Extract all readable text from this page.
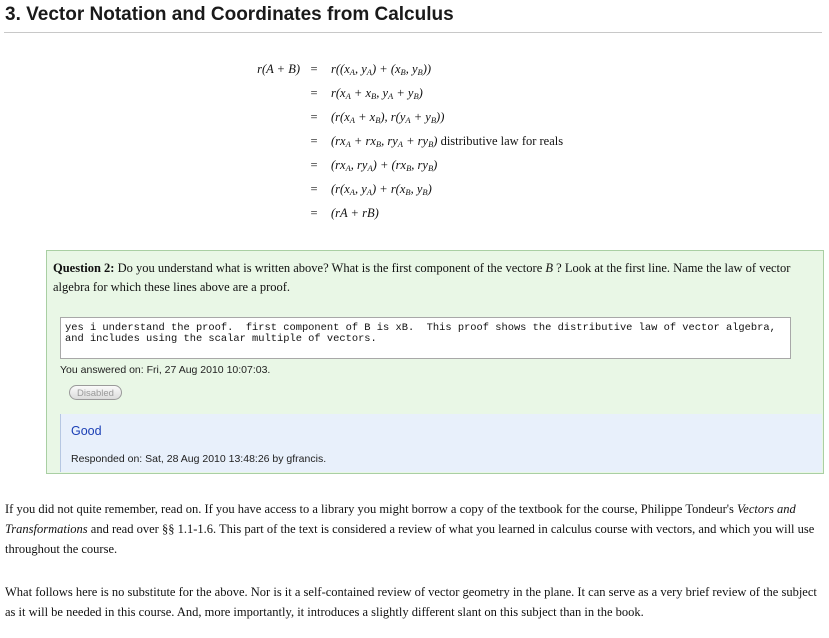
3. Vector Notation and Coordinates from Calculus
$r(A + B) = r((x_A$, $y_A) + (x_B$, $y_B$))
= $r(x_A + x_B$, $y_A + y_B$)
= ($r(x_A + x_B)$, $r(y_A + y_B)$)
= ($rx_A + rx_B$, $ry_A + ry_B$) distributive law for reals
= ($rx_A$, $ry_A) + (rx_B$, $ry_B$)
= ($r(x_A$, $y_A) + r(x_B$, $y_B$)
= (rA + rB)
Question 2: Do you understand what is written above? What is the first component of the vectore B ? Look at the first line. Name the law of vector algebra for which these lines above are a proof.
yes i understand the proof.  first component of B is xB.  This proof shows the distributive law of vector algebra,
and includes using the scalar multiple of vectors.
You answered on: Fri, 27 Aug 2010 10:07:03.
Disabled
Good
Responded on: Sat, 28 Aug 2010 13:48:26 by gfrancis.

If you did not quite remember, read on. If you have access to a library you might borrow a copy of the textbook for the course, Philippe Tondeur's Vectors and Transformations and read over §§ 1.1-1.6. This part of the text is considered a review of what you learned in calculus course with vectors, and which you will use throughout the course.

What follows here is no substitute for the above. Nor is it a self-contained review of vector geometry in the plane. It can serve as a very brief review of the subject as it will be needed in this course. And, more importantly, it introduces a slightly different slant on this subject than in the book.
